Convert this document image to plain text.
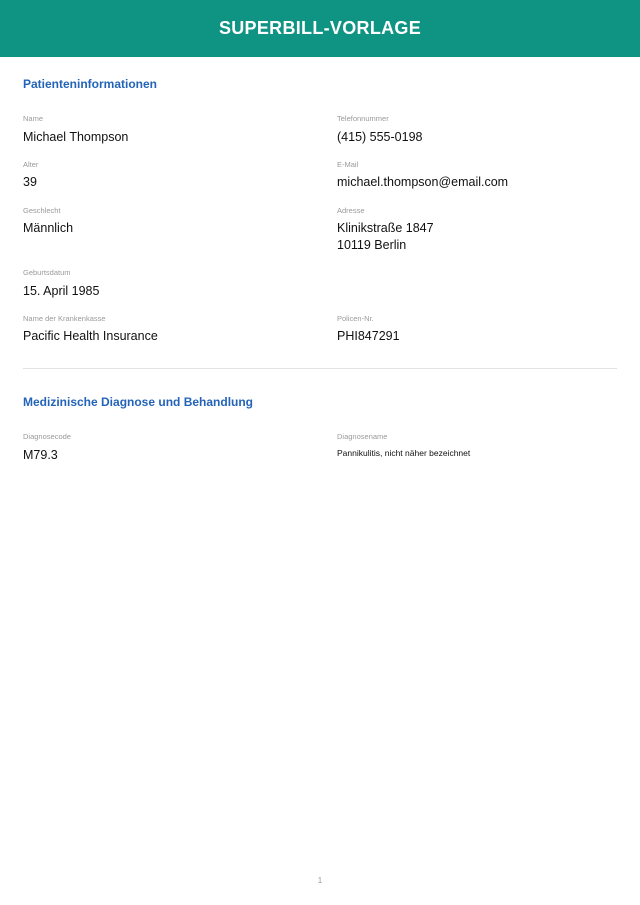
SUPERBILL-VORLAGE
Patienteninformationen
Name
Michael Thompson
Telefonnummer
(415) 555-0198
Alter
39
E-Mail
michael.thompson@email.com
Geschlecht
Männlich
Adresse
Klinikstraße 1847
10119 Berlin
Geburtsdatum
15. April 1985
Name der Krankenkasse
Pacific Health Insurance
Policen-Nr.
PHI847291
Medizinische Diagnose und Behandlung
Diagnosecode
M79.3
Diagnosename
Pannikulitis, nicht näher bezeichnet
1
